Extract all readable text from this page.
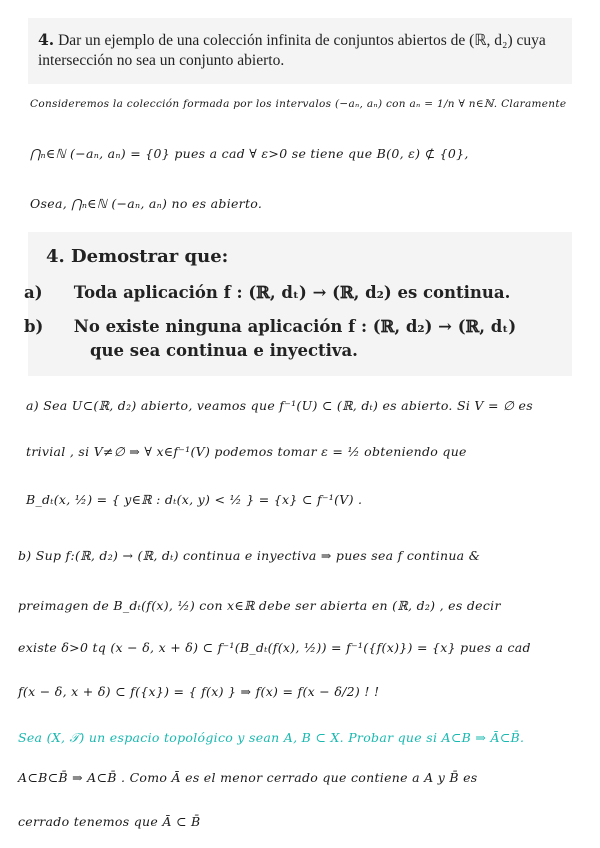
4. Dar un ejemplo de una colección infinita de conjuntos abiertos de (ℝ, d₂) cuya intersección no sea un conjunto abierto.
Consideremos la colección formada por los intervalos (−aₙ, aₙ) con aₙ = 1/n ∀ n∈ℕ. Claramente
⋂ₙ∈ℕ (−aₙ, aₙ) = {0} pues a cad ∀ ε>0 se tiene que B(0, ε) ⊄ {0},
Osea, ⋂ₙ∈ℕ (−aₙ, aₙ) no es abierto.
4. Demostrar que:
a) Toda aplicación f : (ℝ, dₜ) → (ℝ, d₂) es continua.
b) No existe ninguna aplicación f : (ℝ, d₂) → (ℝ, dₜ) que sea continua e inyectiva.
a) Sea U⊂(ℝ, d₂) abierto, veamos que f⁻¹(U) ⊂ (ℝ, dₜ) es abierto. Si V = ∅ es
trivial , si V≠∅ ⇒ ∀ x∈f⁻¹(V) podemos tomar ε = ½ obteniendo que
B_dₜ(x, ½) = { y∈ℝ : dₜ(x, y) < ½ } = {x} ⊂ f⁻¹(V) .
b) Sup f:(ℝ, d₂) → (ℝ, dₜ) continua e inyectiva ⇒ pues sea f continua &
preimagen de B_dₜ(f(x), ½) con x∈ℝ debe ser abierta en (ℝ, d₂) , es decir
existe δ>0 tq (x − δ, x + δ) ⊂ f⁻¹(B_dₜ(f(x), ½)) = f⁻¹({f(x)}) = {x} pues a cad
f(x − δ, x + δ) ⊂ f({x}) = { f(x) } ⇒ f(x) = f(x − δ/2) ! !
Sea (X, 𝒯) un espacio topológico y sean A, B ⊂ X. Probar que si A⊂B ⇒ Ā⊂B̄.
A⊂B⊂B̄ ⇒ A⊂B̄ . Como Ā es el menor cerrado que contiene a A y B̄ es
cerrado tenemos que Ā ⊂ B̄
